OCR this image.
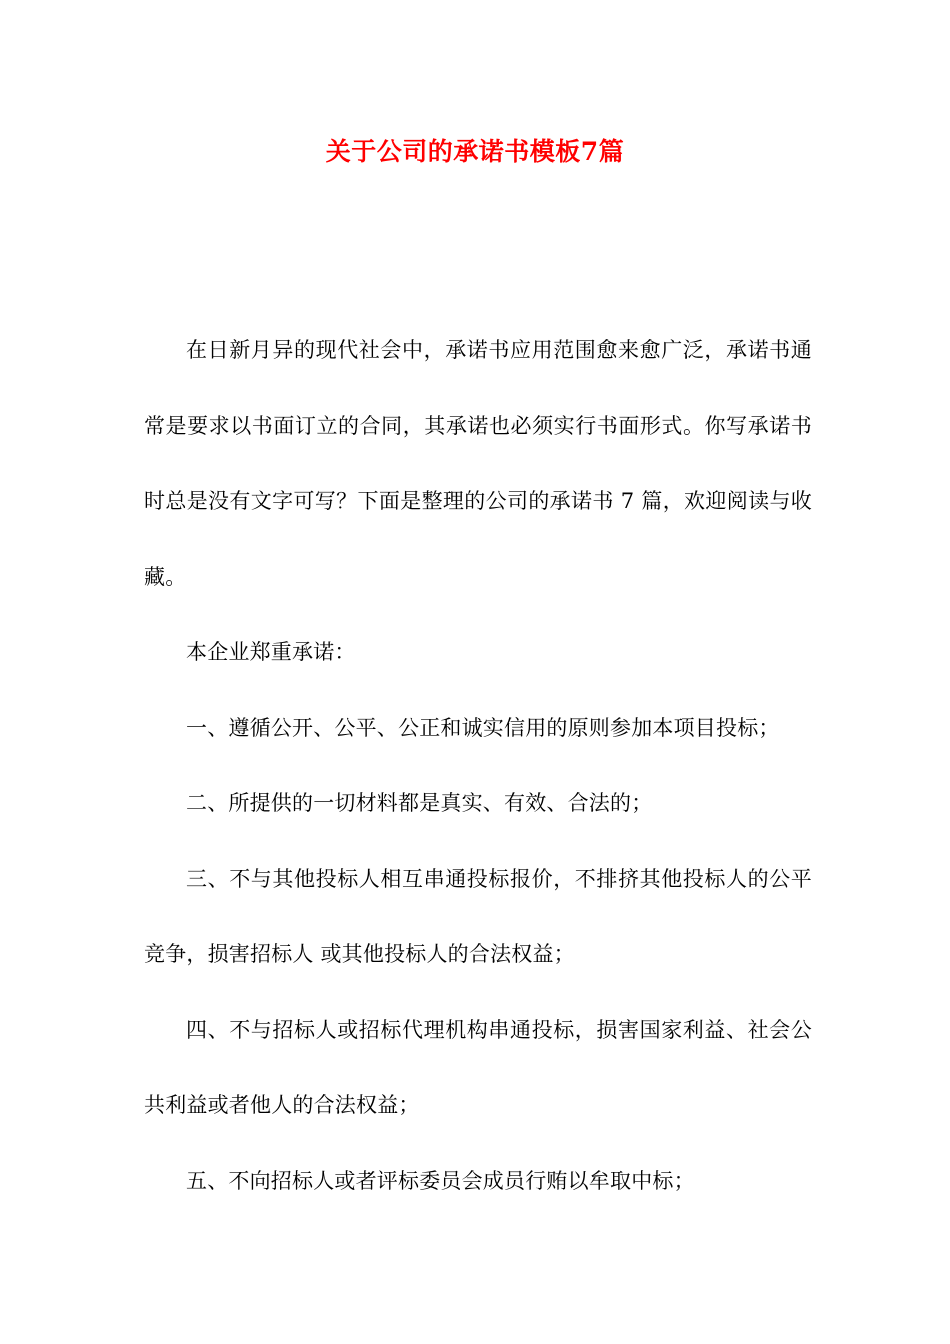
关于公司的承诺书模板7篇

在日新月异的现代社会中，承诺书应用范围愈来愈广泛，承诺书通常是要求以书面订立的合同，其承诺也必须实行书面形式。你写承诺书时总是没有文字可写？下面是整理的公司的承诺书 7 篇，欢迎阅读与收藏。

本企业郑重承诺：

一、遵循公开、公平、公正和诚实信用的原则参加本项目投标；

二、所提供的一切材料都是真实、有效、合法的；

三、不与其他投标人相互串通投标报价，不排挤其他投标人的公平竞争，损害招标人 或其他投标人的合法权益；

四、不与招标人或招标代理机构串通投标，损害国家利益、社会公共利益或者他人的合法权益；

五、不向招标人或者评标委员会成员行贿以牟取中标；
